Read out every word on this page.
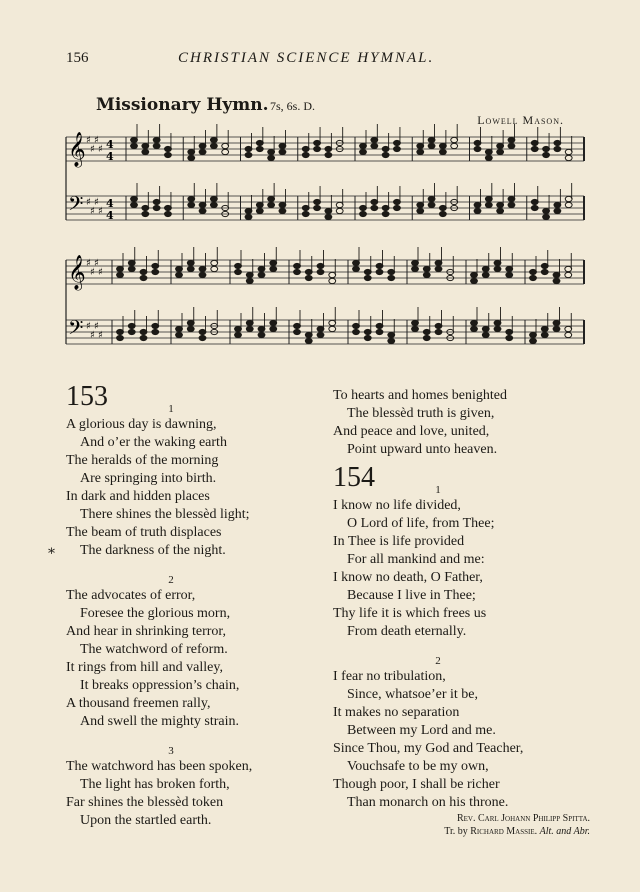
156	CHRISTIAN SCIENCE HYMNAL.
Missionary Hymn. 7s, 6s. D.
Lowell Mason.
𝄞
𝄢
♯
♯
♯
♯ 4
4
♯
♯
♯
♯
4
4
𝄞
𝄢
♯
♯
♯
♯
♯
♯
♯
♯
*
153	1
A glorious day is dawning,
And o’er the waking earth
The heralds of the morning
Are springing into birth.
In dark and hidden places
There shines the blessèd light;
The beam of truth displaces
The darkness of the night.
2
The advocates of error,
Foresee the glorious morn,
And hear in shrinking terror,
The watchword of reform.
It rings from hill and valley,
It breaks oppression’s chain,
A thousand freemen rally,
And swell the mighty strain.
3
The watchword has been spoken,
The light has broken forth,
Far shines the blessèd token
Upon the startled earth.
To hearts and homes benighted
The blessèd truth is given,
And peace and love, united,
Point upward unto heaven.
154	1
I know no life divided,
O Lord of life, from Thee;
In Thee is life provided
For all mankind and me:
I know no death, O Father,
Because I live in Thee;
Thy life it is which frees us
From death eternally.
2
I fear no tribulation,
Since, whatsoe’er it be,
It makes no separation
Between my Lord and me.
Since Thou, my God and Teacher,
Vouchsafe to be my own,
Though poor, I shall be richer
Than monarch on his throne.
Rev. Carl Johann Philipp Spitta.
Tr. by Richard Massie. Alt. and Abr.
